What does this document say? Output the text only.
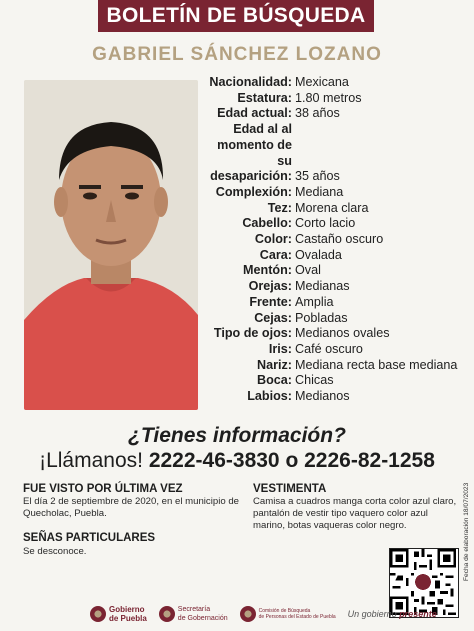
BOLETÍN DE BÚSQUEDA
GABRIEL SÁNCHEZ LOZANO
Nacionalidad: Mexicana
Estatura: 1.80 metros
Edad actual: 38 años
Edad al al momento de su desaparición: 35 años
Complexión: Mediana
Tez: Morena clara
Cabello: Corto lacio
Color: Castaño oscuro
Cara: Ovalada
Mentón: Oval
Orejas: Medianas
Frente: Amplia
Cejas: Pobladas
Tipo de ojos: Medianos ovales
Iris: Café oscuro
Nariz: Mediana recta base mediana
Boca: Chicas
Labios: Medianos
¿Tienes información?
¡Llámanos! 2222-46-3830 o 2226-82-1258
FUE VISTO POR ÚLTIMA VEZ
El día 2 de septiembre de 2020, en el municipio de Quecholac, Puebla.
VESTIMENTA
Camisa a cuadros manga corta color azul claro, pantalón de vestir tipo vaquero color azul marino, botas vaqueras color negro.
SEÑAS PARTICULARES
Se desconoce.	Fecha de elaboración 18/07/2023
Gobierno
de Puebla
Secretaría
de Gobernación
Comisión de Búsqueda
de Personas del Estado de Puebla Un gobierno presente
